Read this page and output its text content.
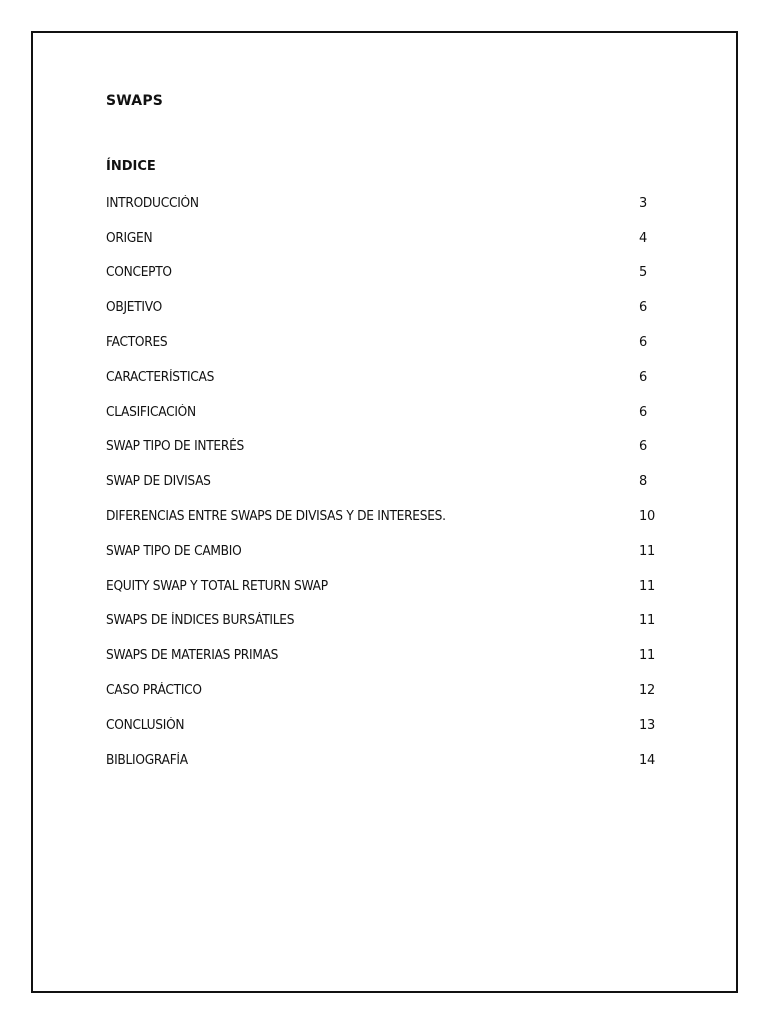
SWAPS
ÍNDICE
INTRODUCCIÓN	3
ORIGEN	4
CONCEPTO	5
OBJETIVO	6
FACTORES	6
CARACTERÍSTICAS	6
CLASIFICACIÓN	6
SWAP TIPO DE INTERÉS	6
SWAP DE DIVISAS	8
DIFERENCIAS ENTRE SWAPS DE DIVISAS Y DE INTERESES.	10
SWAP TIPO DE CAMBIO	11
EQUITY SWAP Y TOTAL RETURN SWAP	11
SWAPS DE ÍNDICES BURSÁTILES	11
SWAPS DE MATERIAS PRIMAS	11
CASO PRÁCTICO	12
CONCLUSIÓN	13
BIBLIOGRAFÍA	14
